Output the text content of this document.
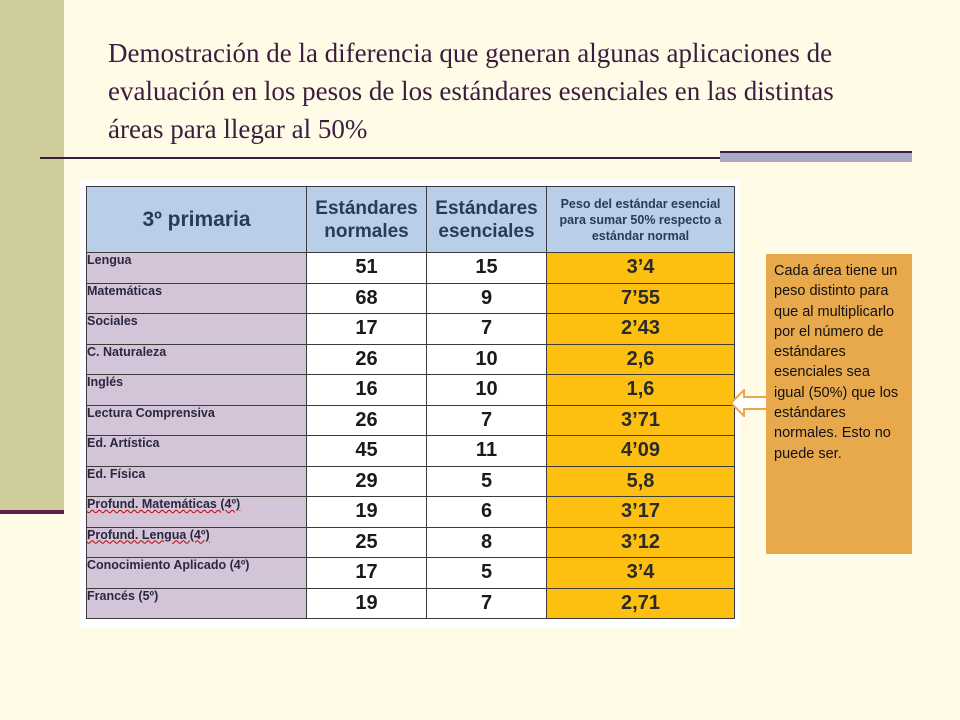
Demostración de la diferencia que generan algunas aplicaciones de evaluación en los pesos de los estándares esenciales en las distintas áreas para llegar al 50%
3º primaria	Estándares normales	Estándares esenciales	Peso del estándar esencial para sumar 50% respecto a estándar normal
Lengua	51	15	3’4
Matemáticas	68	9	7’55
Sociales	17	7	2’43
C. Naturaleza	26	10	2,6
Inglés	16	10	1,6
Lectura Comprensiva	26	7	3’71
Ed. Artística	45	11	4’09
Ed. Física	29	5	5,8
Profund. Matemáticas (4º)	19	6	3’17
Profund. Lengua (4º)	25	8	3’12
Conocimiento Aplicado (4º)	17	5	3’4
Francés (5º)	19	7	2,71
Cada área tiene un peso distinto para que al multiplicarlo por el número de estándares esenciales sea igual (50%) que los estándares normales. Esto no puede ser.
